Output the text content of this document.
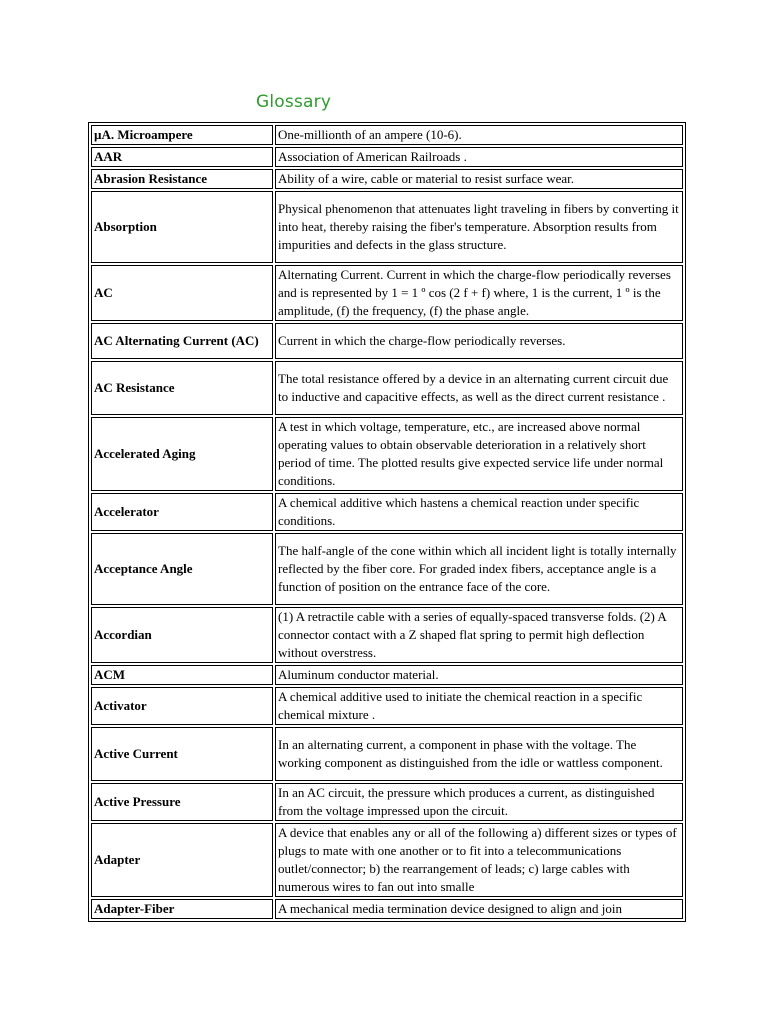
Glossary
µA. Microampere	One-millionth of an ampere (10-6).
AAR	Association of American Railroads .
Abrasion Resistance	Ability of a wire, cable or material to resist surface wear.
Absorption	Physical phenomenon that attenuates light traveling in fibers by converting it into heat, thereby raising the fiber's temperature. Absorption results from impurities and defects in the glass structure.
AC	Alternating Current. Current in which the charge-flow periodically reverses and is represented by 1 = 1 º cos (2 f + f) where, 1 is the current, 1 º is the amplitude, (f) the frequency, (f) the phase angle.
AC Alternating Current (AC)	Current in which the charge-flow periodically reverses.
AC Resistance	The total resistance offered by a device in an alternating current circuit due to inductive and capacitive effects, as well as the direct current resistance .
Accelerated Aging	A test in which voltage, temperature, etc., are increased above normal operating values to obtain observable deterioration in a relatively short period of time. The plotted results give expected service life under normal conditions.
Accelerator	A chemical additive which hastens a chemical reaction under specific conditions.
Acceptance Angle	The half-angle of the cone within which all incident light is totally internally reflected by the fiber core. For graded index fibers, acceptance angle is a function of position on the entrance face of the core.
Accordian	(1) A retractile cable with a series of equally-spaced transverse folds. (2) A connector contact with a Z shaped flat spring to permit high deflection without overstress.
ACM	Aluminum conductor material.
Activator	A chemical additive used to initiate the chemical reaction in a specific chemical mixture .
Active Current	In an alternating current, a component in phase with the voltage. The working component as distinguished from the idle or wattless component.
Active Pressure	In an AC circuit, the pressure which produces a current, as distinguished from the voltage impressed upon the circuit.
Adapter	A device that enables any or all of the following a) different sizes or types of plugs to mate with one another or to fit into a telecommunications outlet/connector; b) the rearrangement of leads; c) large cables with numerous wires to fan out into smalle
Adapter-Fiber	A mechanical media termination device designed to align and join
